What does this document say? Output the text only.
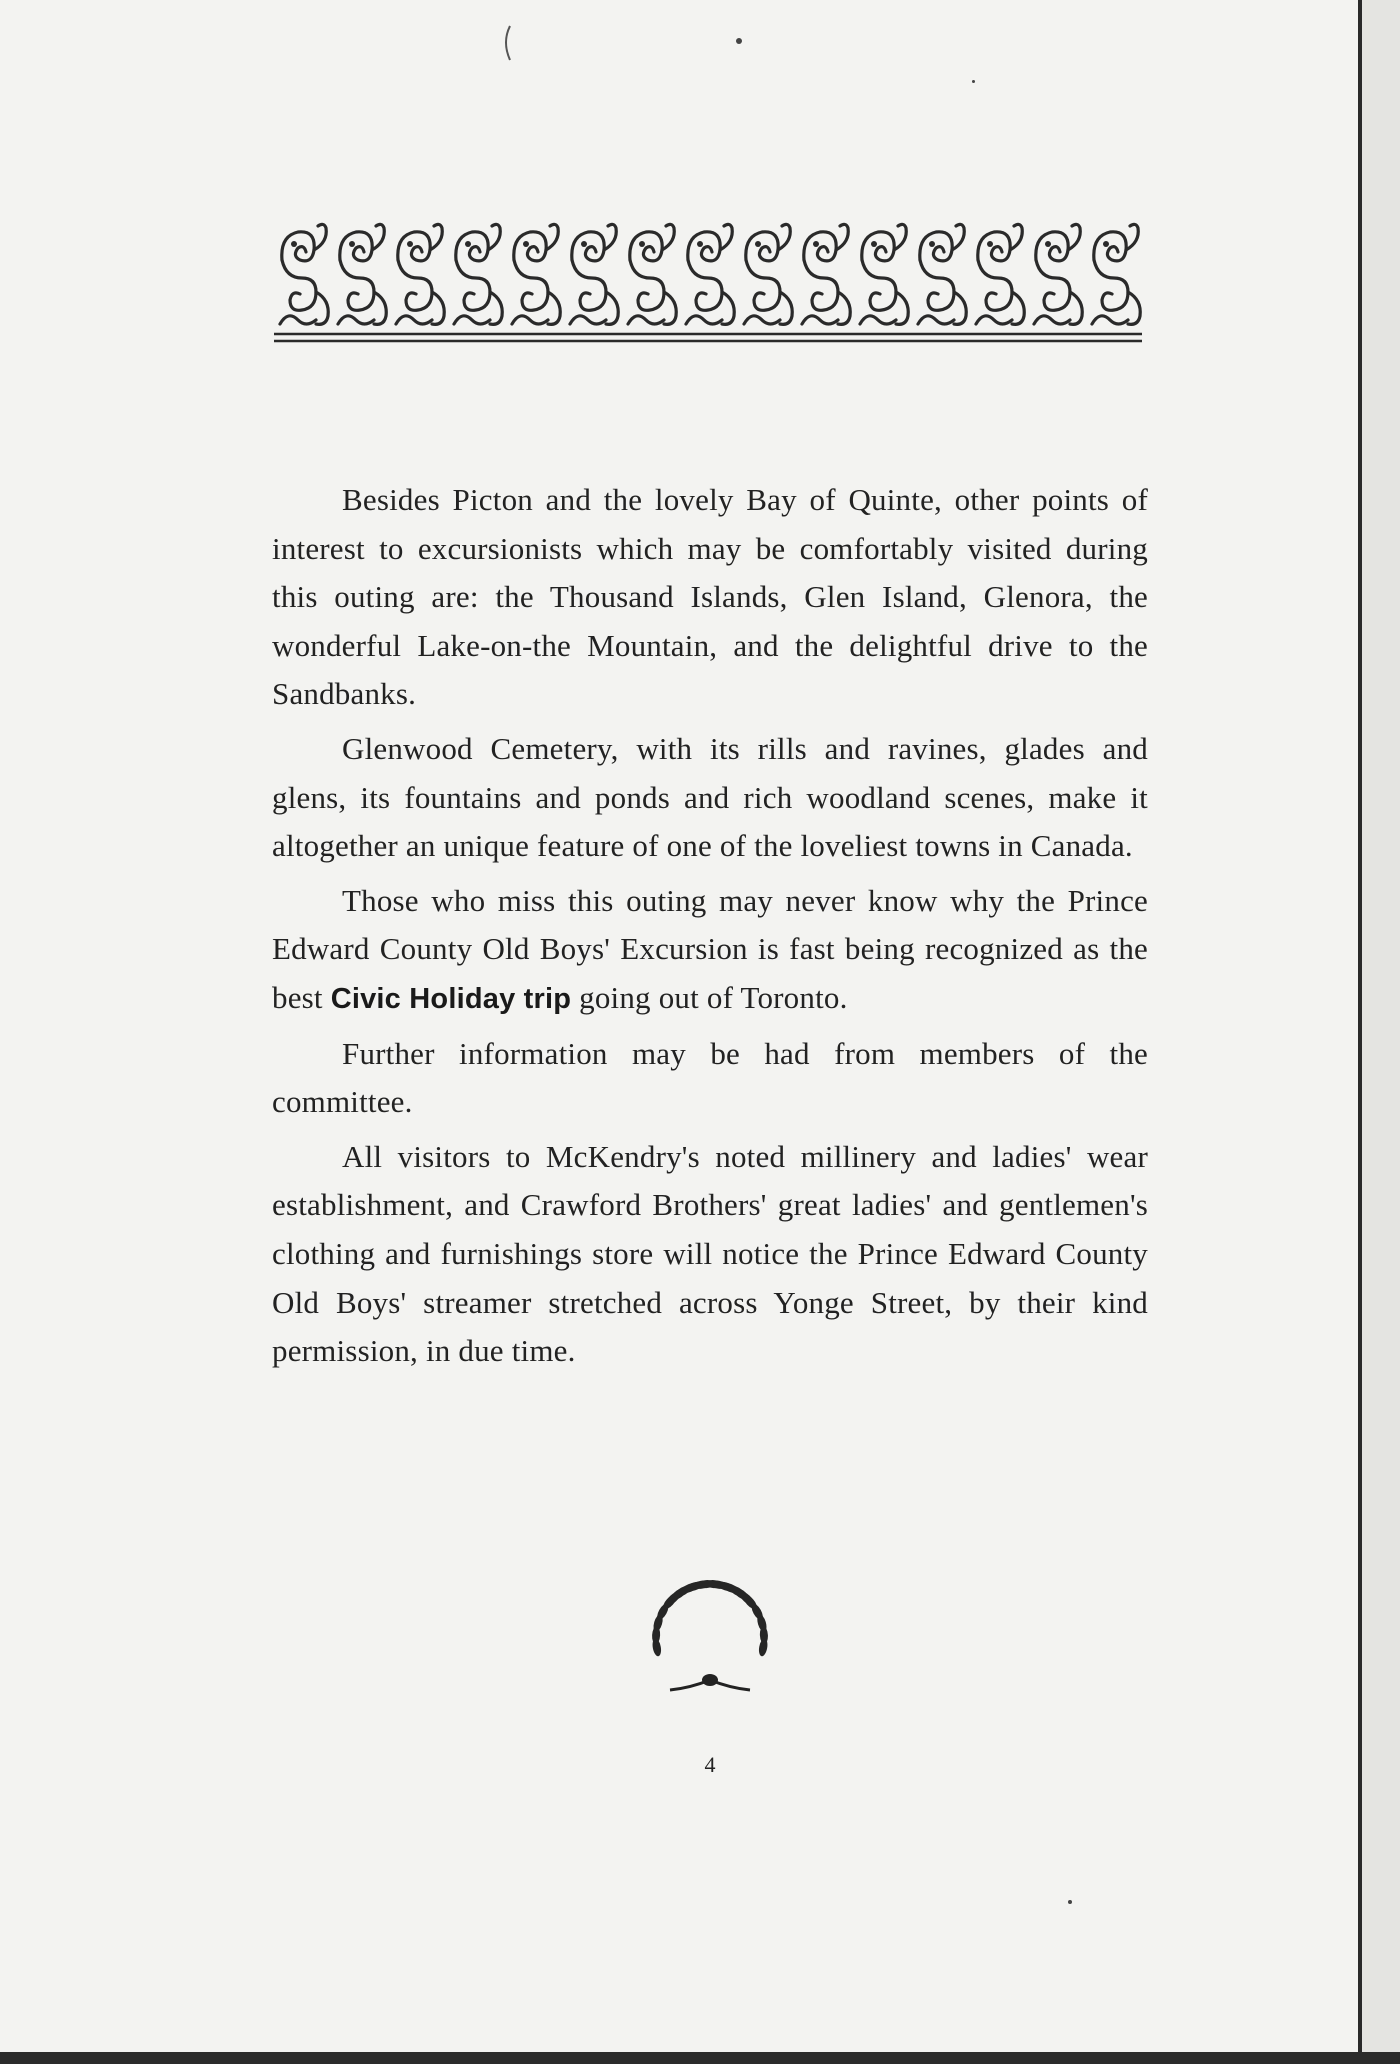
Besides Picton and the lovely Bay of Quinte, other points of interest to excursionists which may be comfortably visited during this outing are: the Thousand Islands, Glen Island, Glenora, the wonderful Lake-on-the Mountain, and the delightful drive to the Sandbanks.

Glenwood Cemetery, with its rills and ravines, glades and glens, its fountains and ponds and rich woodland scenes, make it altogether an unique feature of one of the loveliest towns in Canada.

Those who miss this outing may never know why the Prince Edward County Old Boys' Excursion is fast being recognized as the best Civic Holiday trip going out of Toronto.

Further information may be had from members of the committee.

All visitors to McKendry's noted millinery and ladies' wear establishment, and Crawford Brothers' great ladies' and gentlemen's clothing and furnishings store will notice the Prince Edward County Old Boys' streamer stretched across Yonge Street, by their kind permission, in due time.

4
